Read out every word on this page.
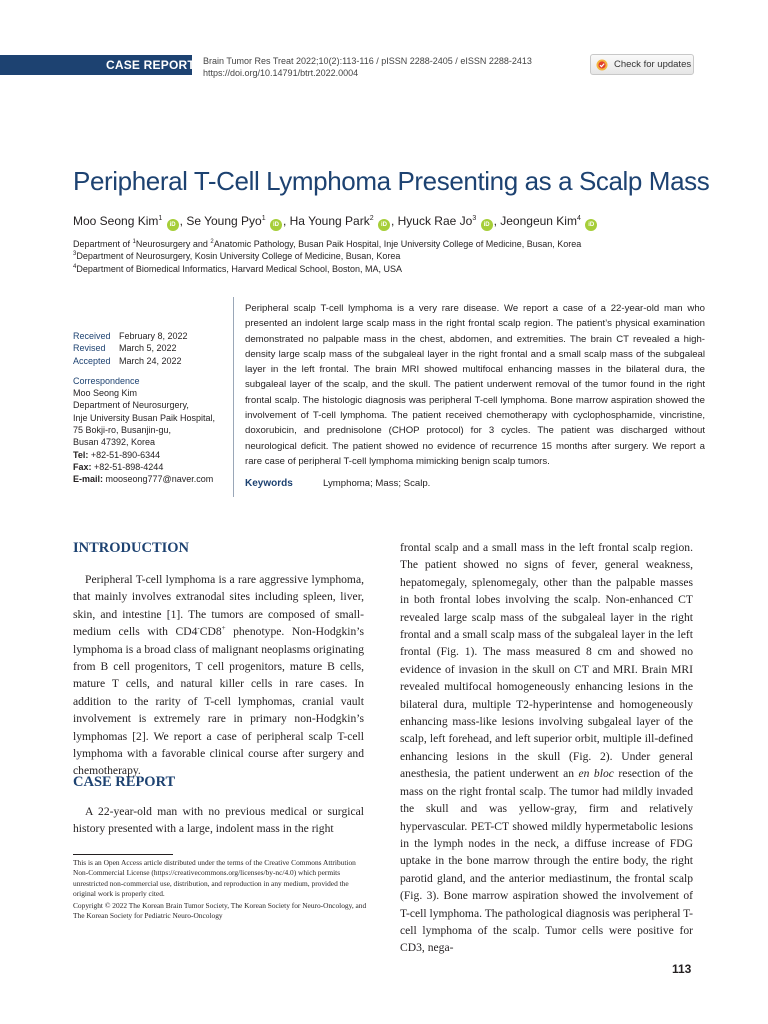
CASE REPORT Brain Tumor Res Treat 2022;10(2):113-116 / pISSN 2288-2405 / eISSN 2288-2413
https://doi.org/10.14791/btrt.2022.0004
Check for updates
Peripheral T-Cell Lymphoma Presenting as a Scalp Mass
Moo Seong Kim$^1$ iD , Se Young Pyo$^1$ iD , Ha Young Park$^2$ iD , Hyuck Rae Jo$^3$ iD , Jeongeun Kim$^4$ iD
Department of $^1$Neurosurgery and $^2$Anatomic Pathology, Busan Paik Hospital, Inje University College of Medicine, Busan, Korea
$^3$Department of Neurosurgery, Kosin University College of Medicine, Busan, Korea
$^4$Department of Biomedical Informatics, Harvard Medical School, Boston, MA, USA
Received February 8, 2022
Revised	March 5, 2022
Accepted March 24, 2022
Correspondence
Moo Seong Kim
Department of Neurosurgery,
Inje University Busan Paik Hospital,
75 Bokji-ro, Busanjin-gu,
Busan 47392, Korea
Tel: +82-51-890-6344
Fax: +82-51-898-4244
E-mail: mooseong777@naver.com

Peripheral scalp T-cell lymphoma is a very rare disease. We report a case of a 22-year-old man who presented an indolent large scalp mass in the right frontal scalp region. The patient’s physical examination demonstrated no palpable mass in the chest, abdomen, and extremities. The brain CT revealed a high-density large scalp mass of the subgaleal layer in the right frontal and a small scalp mass of the subgaleal layer in the left frontal. The brain MRI showed multifocal enhancing masses in the bilateral dura, the subgaleal layer of the scalp, and the skull. The patient underwent removal of the tumor found in the right frontal scalp. The histologic diagnosis was peripheral T-cell lymphoma. Bone marrow aspiration showed the involvement of T-cell lymphoma. The patient received chemotherapy with cyclophosphamide, vincristine, doxorubicin, and prednisolone (CHOP protocol) for 3 cycles. The patient was discharged without neurological deficit. The patient showed no evidence of recurrence 15 months after surgery. We report a rare case of peripheral T-cell lymphoma mimicking benign scalp tumors.

Keywords	Lymphoma; Mass; Scalp.
INTRODUCTION

Peripheral T-cell lymphoma is a rare aggressive lymphoma, that mainly involves extranodal sites including spleen, liver, skin, and intestine [1]. The tumors are composed of small-medium cells with CD4-CD8+ phenotype. Non-Hodgkin’s lymphoma is a broad class of malignant neoplasms originating from B cell progenitors, T cell progenitors, mature B cells, mature T cells, and natural killer cells in rare cases. In addition to the rarity of T-cell lymphomas, cranial vault involvement is extremely rare in primary non-Hodgkin’s lymphomas [2]. We report a case of peripheral scalp T-cell lymphoma with a favorable clinical course after surgery and chemotherapy.

CASE REPORT

A 22-year-old man with no previous medical or surgical history presented with a large, indolent mass in the right

frontal scalp and a small mass in the left frontal scalp region. The patient showed no signs of fever, general weakness, hepatomegaly, splenomegaly, other than the palpable masses in both frontal lobes involving the scalp. Non-enhanced CT revealed large scalp mass of the subgaleal layer in the right frontal and a small scalp mass of the subgaleal layer in the left frontal (Fig. 1). The mass measured 8 cm and showed no evidence of invasion in the skull on CT and MRI. Brain MRI revealed multifocal homogeneously enhancing lesions in the bilateral dura, multiple T2-hyperintense and homogeneously enhancing mass-like lesions involving subgaleal layer of the scalp, left forehead, and left superior orbit, multiple ill-defined enhancing lesions in the skull (Fig. 2). Under general anesthesia, the patient underwent an en bloc resection of the mass on the right frontal scalp. The tumor had mildly invaded the skull and was yellow-gray, firm and relatively hypervascular. PET-CT showed mildly hypermetabolic lesions in the lymph nodes in the neck, a diffuse increase of FDG uptake in the bone marrow through the entire body, the right parotid gland, and the anterior mediastinum, the frontal scalp (Fig. 3). Bone marrow aspiration showed the involvement of T-cell lymphoma. The pathological diagnosis was peripheral T-cell lymphoma of the scalp. Tumor cells were positive for CD3, nega-

This is an Open Access article distributed under the terms of the Creative Commons Attribution Non-Commercial License (https://creativecommons.org/licenses/by-nc/4.0) which permits unrestricted non-commercial use, distribution, and reproduction in any medium, provided the original work is properly cited.

Copyright © 2022 The Korean Brain Tumor Society, The Korean Society for Neuro-Oncology, and The Korean Society for Pediatric Neuro-Oncology

113
